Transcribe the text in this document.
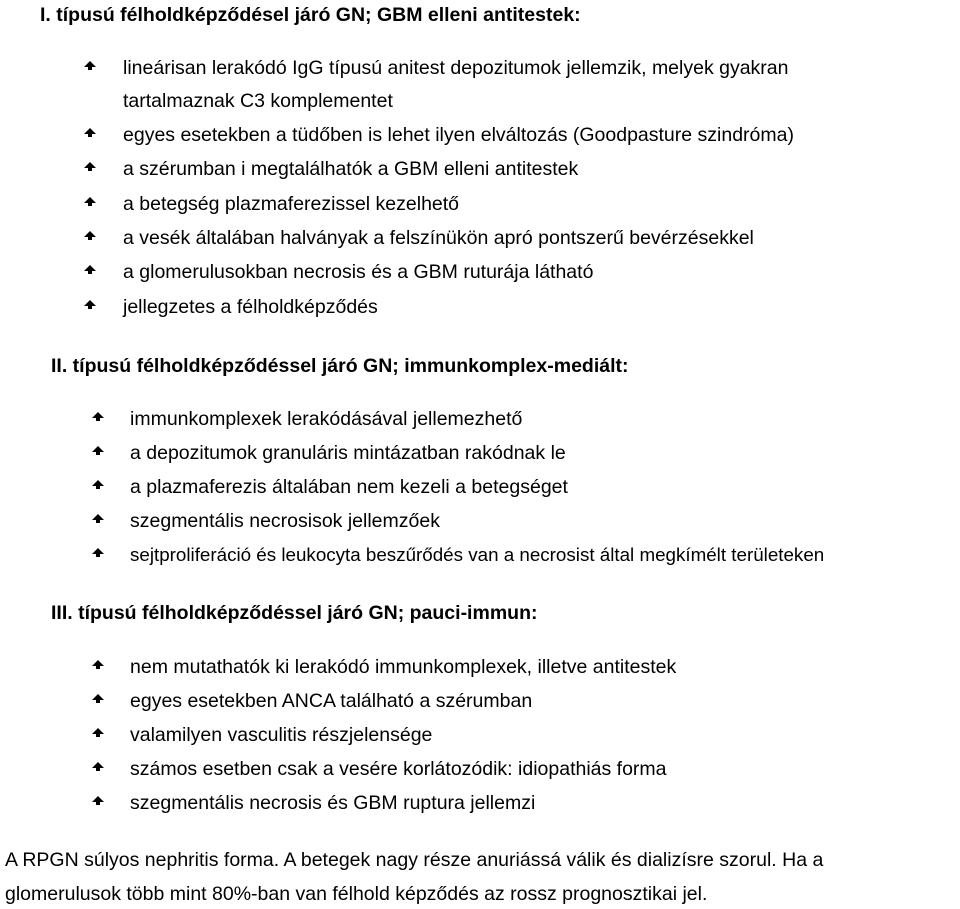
I. típusú félholdképződésel járó GN; GBM elleni antitestek:
lineárisan lerakódó IgG típusú anitest depozitumok jellemzik, melyek gyakran
tartalmaznak C3 komplementet
egyes esetekben a tüdőben is lehet ilyen elváltozás (Goodpasture szindróma)
a szérumban i megtalálhatók a GBM elleni antitestek
a betegség plazmaferezissel kezelhető
a vesék általában halványak a felszínükön apró pontszerű bevérzésekkel
a glomerulusokban necrosis és a GBM ruturája látható
jellegzetes a félholdképződés
II. típusú félholdképződéssel járó GN; immunkomplex-mediált:
immunkomplexek lerakódásával jellemezhető
a depozitumok granuláris mintázatban rakódnak le
a plazmaferezis általában nem kezeli a betegséget
szegmentális necrosisok jellemzőek
sejtproliferáció és leukocyta beszűrődés van a necrosist által megkímélt területeken
III. típusú félholdképződéssel járó GN; pauci-immun:
nem mutathatók ki lerakódó immunkomplexek, illetve antitestek
egyes esetekben ANCA található a szérumban
valamilyen vasculitis részjelensége
számos esetben csak a vesére korlátozódik: idiopathiás forma
szegmentális necrosis és GBM ruptura jellemzi
A RPGN súlyos nephritis forma. A betegek nagy része anuriássá válik és dializísre szorul. Ha a
glomerulusok több mint 80%-ban van félhold képződés az rossz prognosztikai jel.
